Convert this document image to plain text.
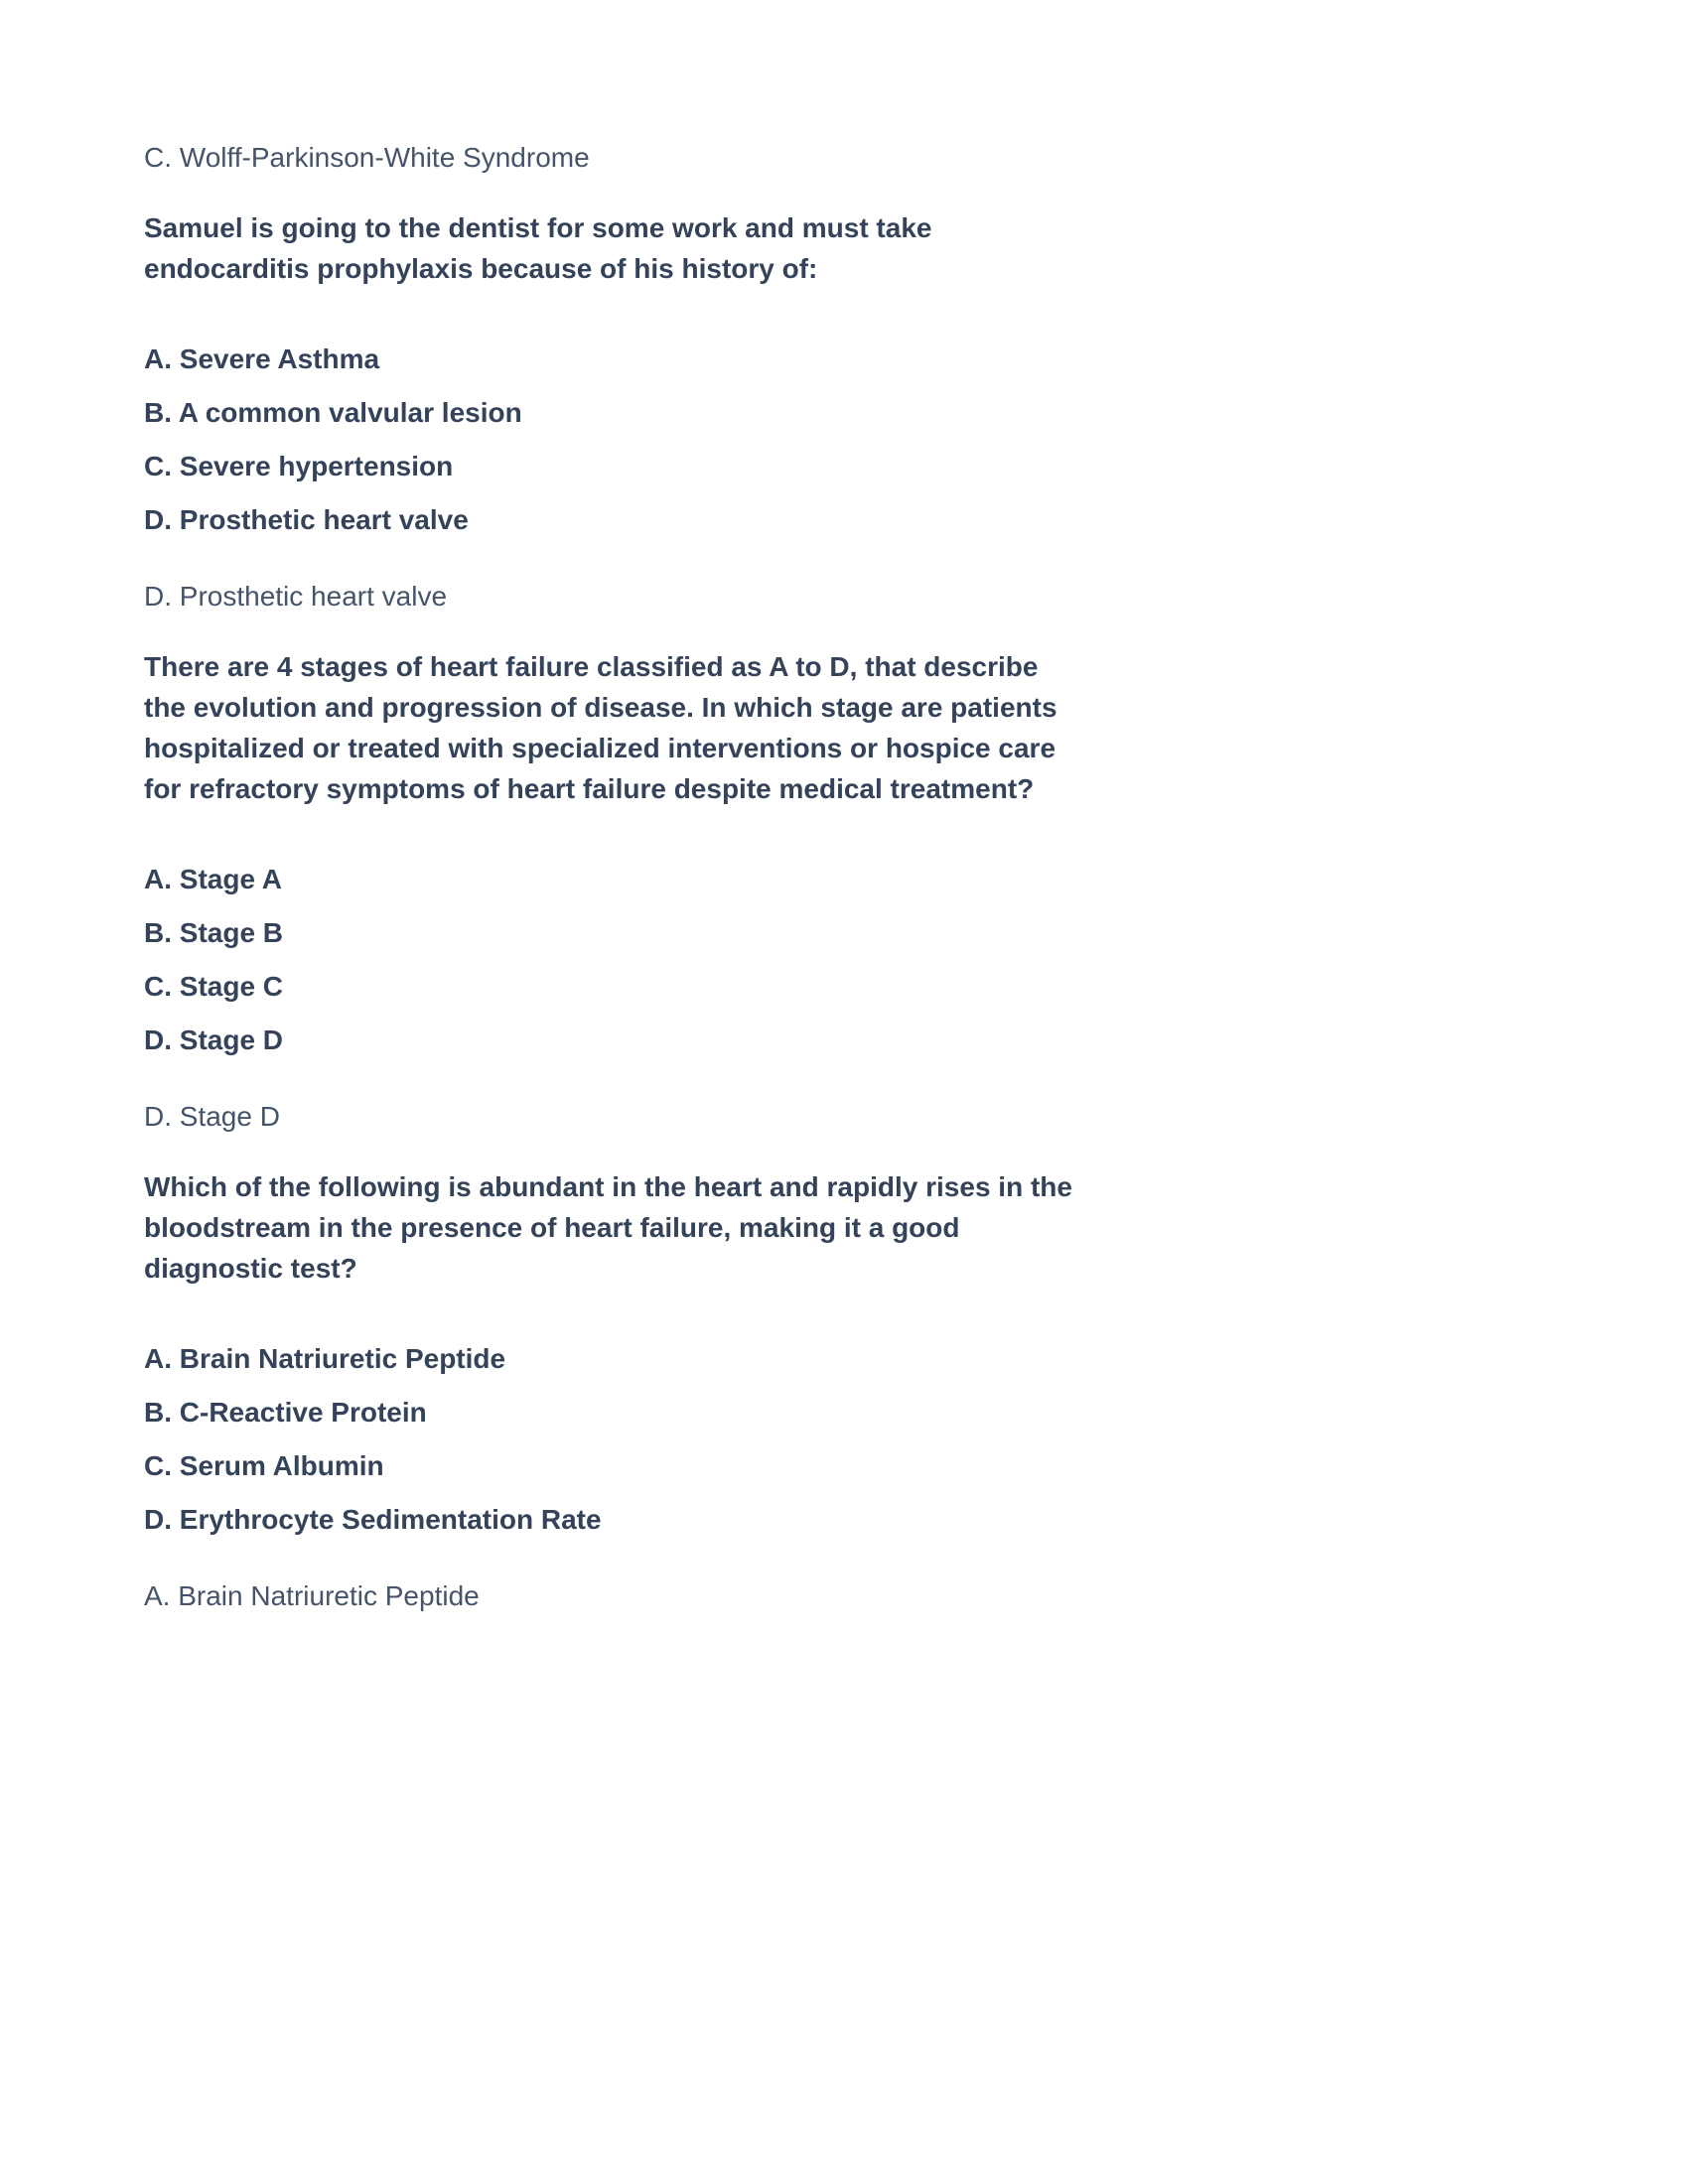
C. Wolff-Parkinson-White Syndrome

Samuel is going to the dentist for some work and must take endocarditis prophylaxis because of his history of:

A. Severe Asthma

B. A common valvular lesion

C. Severe hypertension

D. Prosthetic heart valve

D. Prosthetic heart valve

There are 4 stages of heart failure classified as A to D, that describe the evolution and progression of disease. In which stage are patients hospitalized or treated with specialized interventions or hospice care for refractory symptoms of heart failure despite medical treatment?

A. Stage A

B. Stage B

C. Stage C

D. Stage D

D. Stage D

Which of the following is abundant in the heart and rapidly rises in the bloodstream in the presence of heart failure, making it a good diagnostic test?

A. Brain Natriuretic Peptide

B. C-Reactive Protein

C. Serum Albumin

D. Erythrocyte Sedimentation Rate

A. Brain Natriuretic Peptide
